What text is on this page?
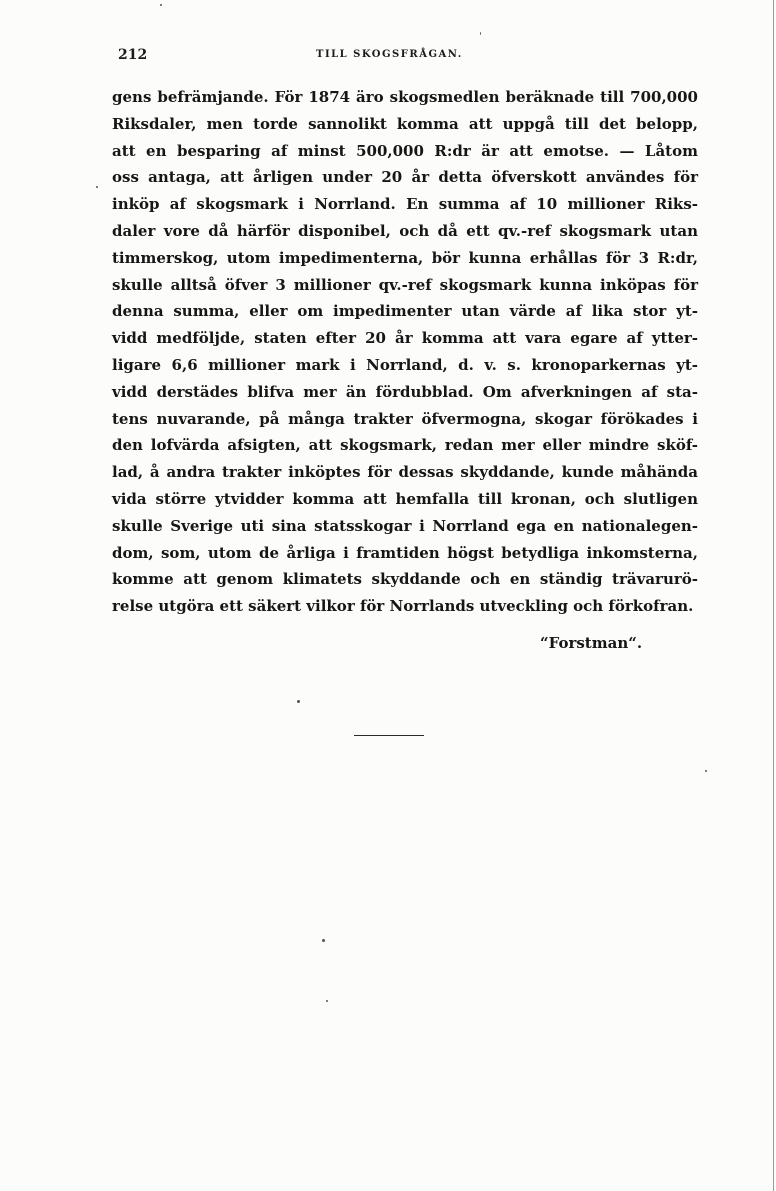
212	TILL SKOGSFRÅGAN.
gens befrämjande. För 1874 äro skogsmedlen beräknade till 700,000
Riksdaler, men torde sannolikt komma att uppgå till det belopp,
att en besparing af minst 500,000 R:dr är att emotse. — Låtom
oss antaga, att årligen under 20 år detta öfverskott användes för
inköp af skogsmark i Norrland. En summa af 10 millioner Riks-
daler vore då härför disponibel, och då ett qv.-ref skogsmark utan
timmerskog, utom impedimenterna, bör kunna erhållas för 3 R:dr,
skulle alltså öfver 3 millioner qv.-ref skogsmark kunna inköpas för
denna summa, eller om impedimenter utan värde af lika stor yt-
vidd medföljde, staten efter 20 år komma att vara egare af ytter-
ligare 6,6 millioner mark i Norrland, d. v. s. kronoparkernas yt-
vidd derstädes blifva mer än fördubblad. Om afverkningen af sta-
tens nuvarande, på många trakter öfvermogna, skogar förökades i
den lofvärda afsigten, att skogsmark, redan mer eller mindre sköf-
lad, å andra trakter inköptes för dessas skyddande, kunde måhända
vida större ytvidder komma att hemfalla till kronan, och slutligen
skulle Sverige uti sina statsskogar i Norrland ega en nationalegen-
dom, som, utom de årliga i framtiden högst betydliga inkomsterna,
komme att genom klimatets skyddande och en ständig trävarurö-
relse utgöra ett säkert vilkor för Norrlands utveckling och förkofran.
“Forstman“.
